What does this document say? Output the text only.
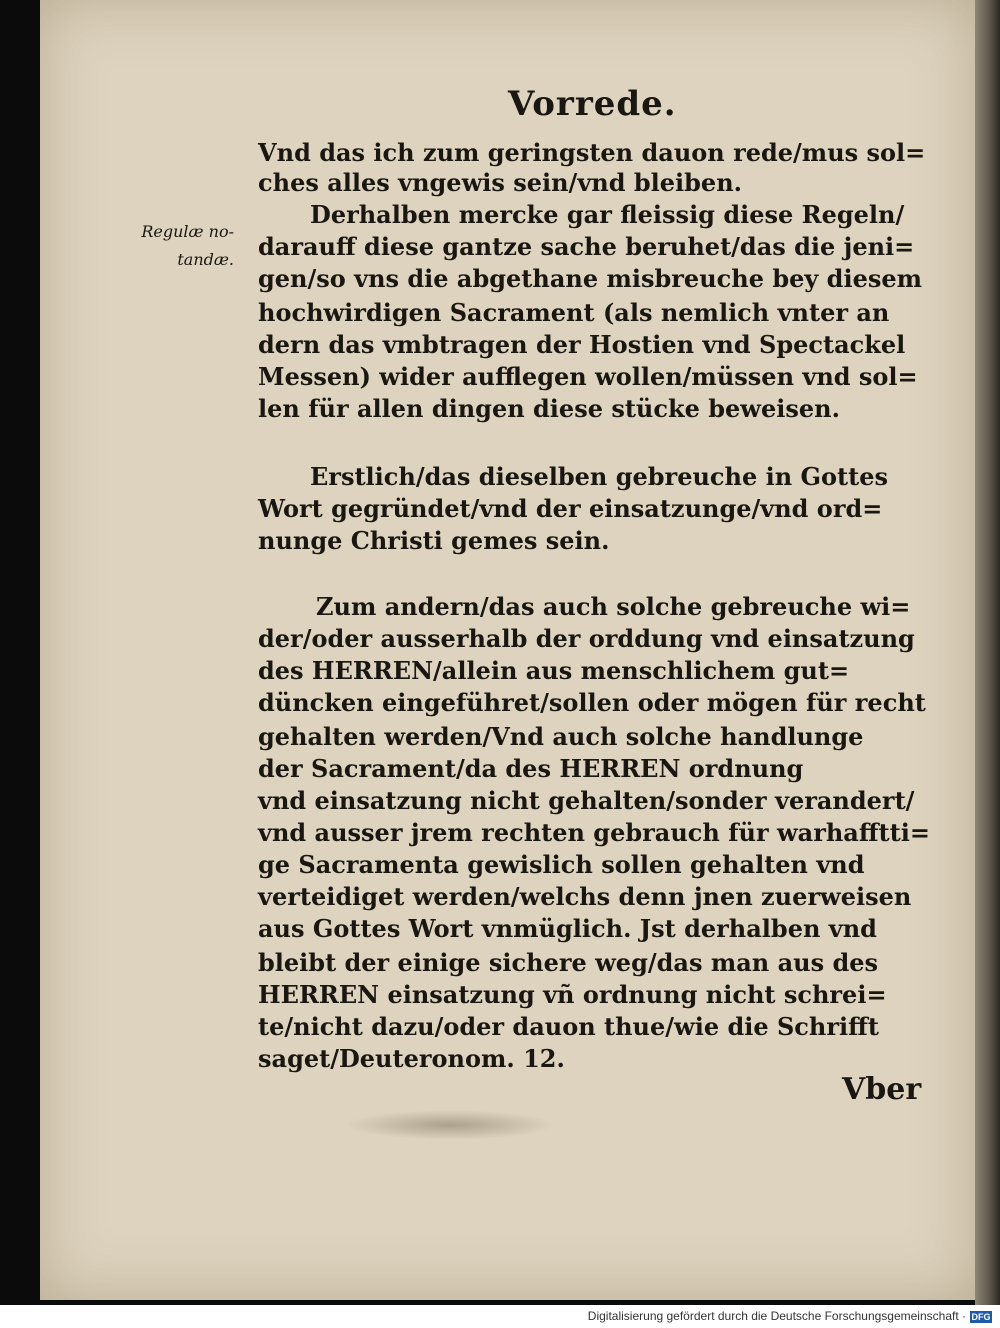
Vorrede.
Regulæ no-
tandæ.
Vnd das ich zum geringsten dauon rede/mus sol=
ches alles vngewis sein/vnd bleiben.
Derhalben mercke gar fleissig diese Regeln/
darauff diese gantze sache beruhet/das die jeni=
gen/so vns die abgethane misbreuche bey diesem
hochwirdigen Sacrament (als nemlich vnter an
dern das vmbtragen der Hostien vnd Spectackel
Messen) wider aufflegen wollen/müssen vnd sol=
len für allen dingen diese stücke beweisen.
Erstlich/das dieselben gebreuche in Gottes
Wort gegründet/vnd der einsatzunge/vnd ord=
nunge Christi gemes sein.
Zum andern/das auch solche gebreuche wi=
der/oder ausserhalb der orddung vnd einsatzung
des HERREN/allein aus menschlichem gut=
düncken eingeführet/sollen oder mögen für recht
gehalten werden/Vnd auch solche handlunge
der Sacrament/da des HERREN ordnung
vnd einsatzung nicht gehalten/sonder verandert/
vnd ausser jrem rechten gebrauch für warhafftti=
ge Sacramenta gewislich sollen gehalten vnd
verteidiget werden/welchs denn jnen zuerweisen
aus Gottes Wort vnmüglich. Jst derhalben vnd
bleibt der einige sichere weg/das man aus des
HERREN einsatzung vñ ordnung nicht schrei=
te/nicht dazu/oder dauon thue/wie die Schrifft
saget/Deuteronom. 12.
Vber
Digitalisierung gefördert durch die Deutsche Forschungsgemeinschaft · DFG
